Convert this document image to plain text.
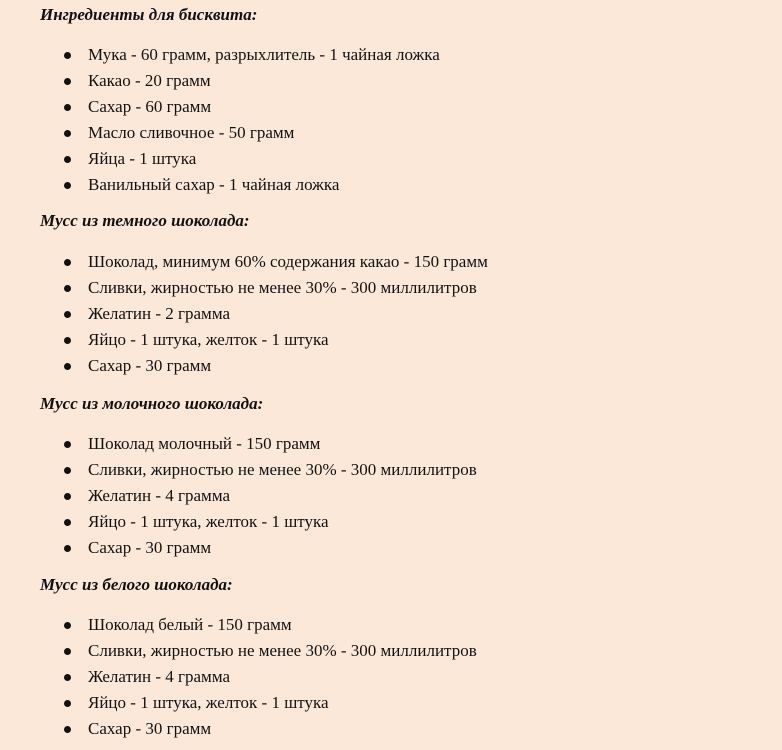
Ингредиенты для бисквита:
Мука - 60 грамм, разрыхлитель - 1 чайная ложка
Какао - 20 грамм
Сахар - 60 грамм
Масло сливочное - 50 грамм
Яйца - 1 штука
Ванильный сахар - 1 чайная ложка
Мусс из темного шоколада:
Шоколад, минимум 60% содержания какао - 150 грамм
Сливки, жирностью не менее 30% - 300 миллилитров
Желатин - 2 грамма
Яйцо - 1 штука, желток - 1 штука
Сахар - 30 грамм
Мусс из молочного шоколада:
Шоколад молочный - 150 грамм
Сливки, жирностью не менее 30% - 300 миллилитров
Желатин - 4 грамма
Яйцо - 1 штука, желток - 1 штука
Сахар - 30 грамм
Мусс из белого шоколада:
Шоколад белый - 150 грамм
Сливки, жирностью не менее 30% - 300 миллилитров
Желатин - 4 грамма
Яйцо - 1 штука, желток - 1 штука
Сахар - 30 грамм
